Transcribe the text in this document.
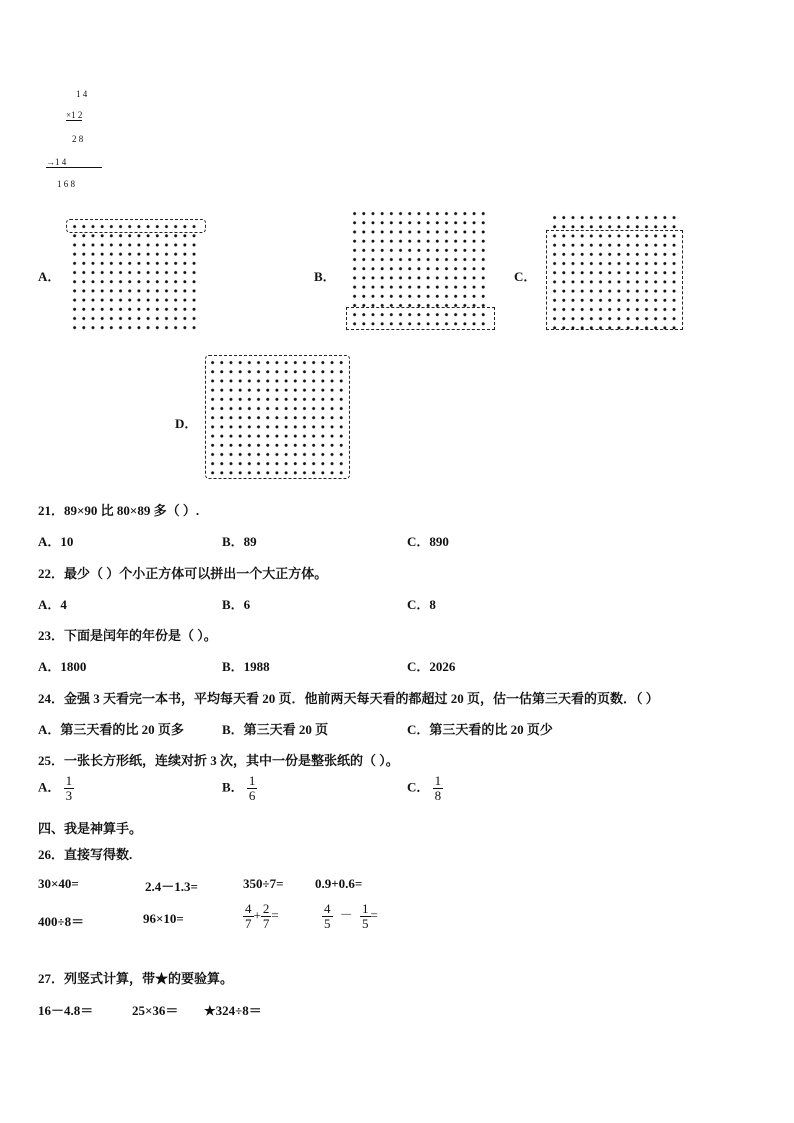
1 4
×1 2
2 8
→1 4
1 6 8
A．	B．	C．
D．
21．89×90 比 80×89 多（ ）.
A．10	B．89	C．890
22．最少（ ）个小正方体可以拼出一个大正方体。
A．4	B．6	C．8
23．下面是闰年的年份是（ ）。
A．1800	B．1988	C．2026
24．金强 3 天看完一本书，平均每天看 20 页．他前两天每天看的都超过 20 页，估一估第三天看的页数．（ ）
A．第三天看的比 20 页多	B．第三天看 20 页	C．第三天看的比 20 页少
25．一张长方形纸，连续对折 3 次，其中一份是整张纸的（ ）。
A． $\frac{1}{3}$	B． $\frac{1}{6}$	C． $\frac{1}{8}$
四、我是神算手。
26．直接写得数.
30×40=	2.4－1.3=	350÷7= 0.9+0.6=
400÷8＝	96×10=	$\frac{4}{7} + \frac{2}{7}$ =	$\frac{4}{5} - \frac{1}{5}$ =
27．列竖式计算，带★的要验算。
16－4.8＝	25×36＝ ★324÷8＝
